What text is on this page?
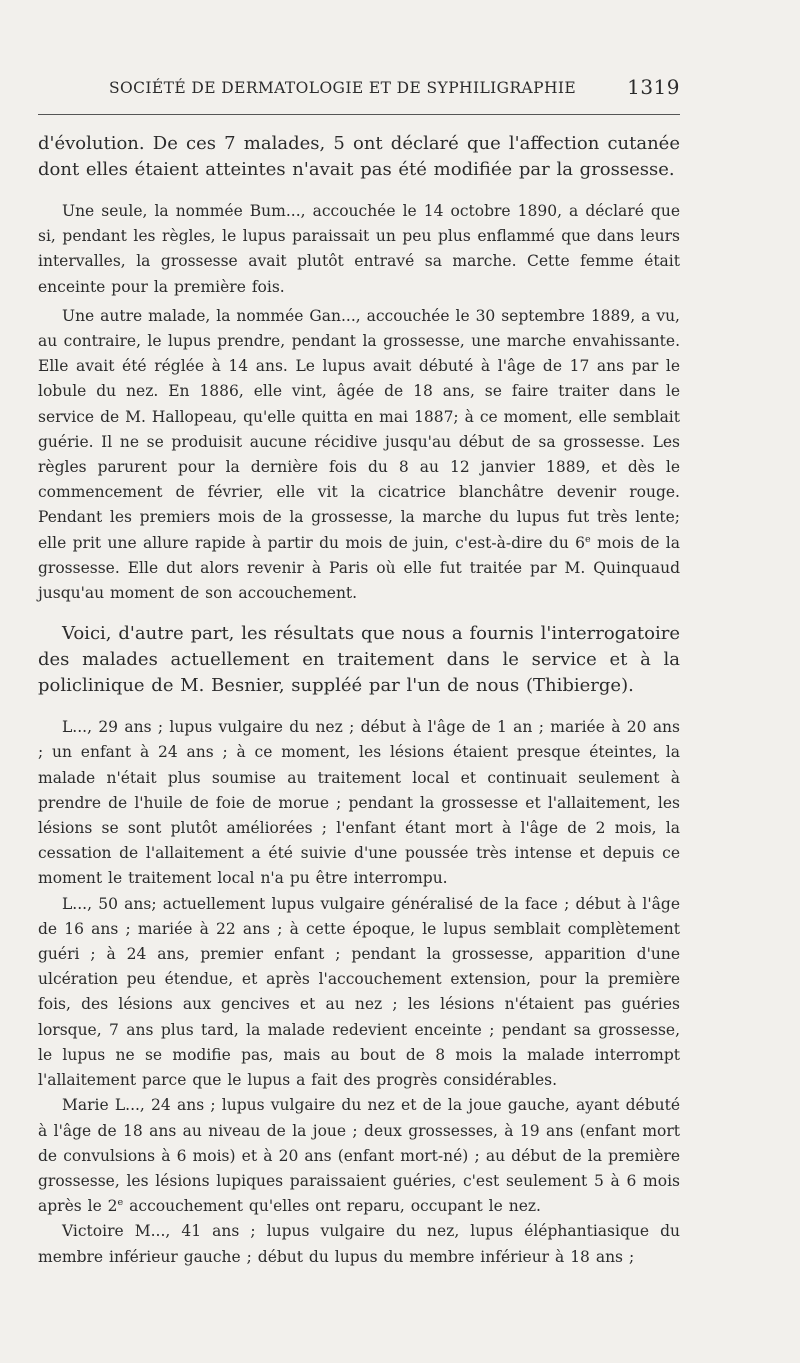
SOCIÉTÉ DE DERMATOLOGIE ET DE SYPHILIGRAPHIE	1319

d'évolution. De ces 7 malades, 5 ont déclaré que l'affection cutanée dont elles étaient atteintes n'avait pas été modifiée par la grossesse.

Une seule, la nommée Bum..., accouchée le 14 octobre 1890, a déclaré que si, pendant les règles, le lupus paraissait un peu plus enflammé que dans leurs intervalles, la grossesse avait plutôt entravé sa marche. Cette femme était enceinte pour la première fois.

Une autre malade, la nommée Gan..., accouchée le 30 septembre 1889, a vu, au contraire, le lupus prendre, pendant la grossesse, une marche envahissante. Elle avait été réglée à 14 ans. Le lupus avait débuté à l'âge de 17 ans par le lobule du nez. En 1886, elle vint, âgée de 18 ans, se faire traiter dans le service de M. Hallopeau, qu'elle quitta en mai 1887; à ce moment, elle semblait guérie. Il ne se produisit aucune récidive jusqu'au début de sa grossesse. Les règles parurent pour la dernière fois du 8 au 12 janvier 1889, et dès le commencement de février, elle vit la cicatrice blanchâtre devenir rouge. Pendant les premiers mois de la grossesse, la marche du lupus fut très lente; elle prit une allure rapide à partir du mois de juin, c'est-à-dire du 6e mois de la grossesse. Elle dut alors revenir à Paris où elle fut traitée par M. Quinquaud jusqu'au moment de son accouchement.

Voici, d'autre part, les résultats que nous a fournis l'interrogatoire des malades actuellement en traitement dans le service et à la policlinique de M. Besnier, suppléé par l'un de nous (Thibierge).

L..., 29 ans ; lupus vulgaire du nez ; début à l'âge de 1 an ; mariée à 20 ans ; un enfant à 24 ans ; à ce moment, les lésions étaient presque éteintes, la malade n'était plus soumise au traitement local et continuait seulement à prendre de l'huile de foie de morue ; pendant la grossesse et l'allaitement, les lésions se sont plutôt améliorées ; l'enfant étant mort à l'âge de 2 mois, la cessation de l'allaitement a été suivie d'une poussée très intense et depuis ce moment le traitement local n'a pu être interrompu.

L..., 50 ans; actuellement lupus vulgaire généralisé de la face ; début à l'âge de 16 ans ; mariée à 22 ans ; à cette époque, le lupus semblait complètement guéri ; à 24 ans, premier enfant ; pendant la grossesse, apparition d'une ulcération peu étendue, et après l'accouchement extension, pour la première fois, des lésions aux gencives et au nez ; les lésions n'étaient pas guéries lorsque, 7 ans plus tard, la malade redevient enceinte ; pendant sa grossesse, le lupus ne se modifie pas, mais au bout de 8 mois la malade interrompt l'allaitement parce que le lupus a fait des progrès considérables.

Marie L..., 24 ans ; lupus vulgaire du nez et de la joue gauche, ayant débuté à l'âge de 18 ans au niveau de la joue ; deux grossesses, à 19 ans (enfant mort de convulsions à 6 mois) et à 20 ans (enfant mort-né) ; au début de la première grossesse, les lésions lupiques paraissaient guéries, c'est seulement 5 à 6 mois après le 2e accouchement qu'elles ont reparu, occupant le nez.

Victoire M..., 41 ans ; lupus vulgaire du nez, lupus éléphantiasique du membre inférieur gauche ; début du lupus du membre inférieur à 18 ans ;
